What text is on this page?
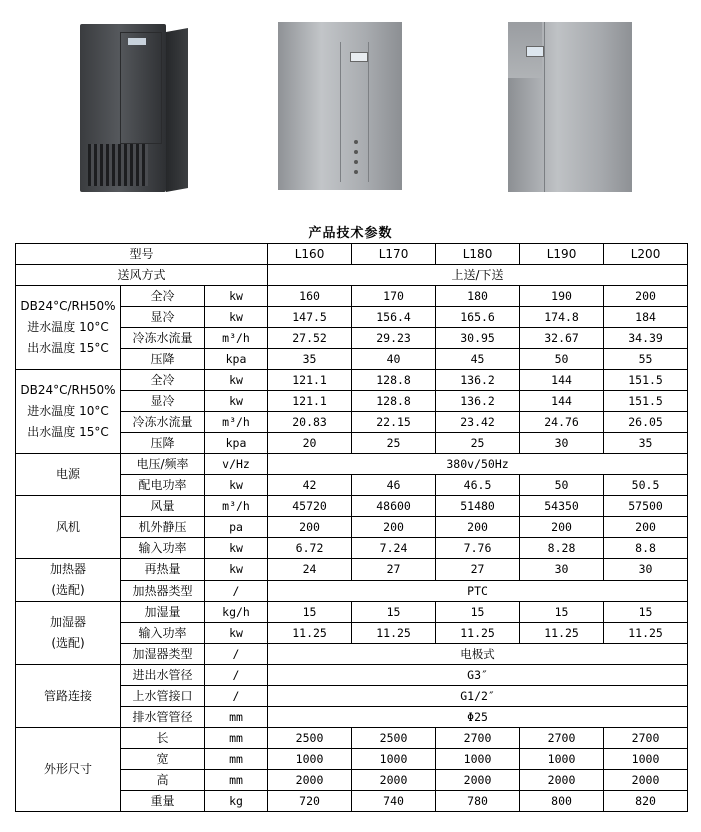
产品技术参数
型号			L160	L170	L180	L190	L200
送风方式			上送/下送				
DB24°C/RH50%
进水温度 10°C
出水温度 15°C	全冷	kw	160	170	180	190	200
	显冷	kw	147.5	156.4	165.6	174.8	184
	冷冻水流量	m³/h	27.52	29.23	30.95	32.67	34.39
	压降	kpa	35	40	45	50	55
DB24°C/RH50%
进水温度 10°C
出水温度 15°C	全冷	kw	121.1	128.8	136.2	144	151.5
	显冷	kw	121.1	128.8	136.2	144	151.5
	冷冻水流量	m³/h	20.83	22.15	23.42	24.76	26.05
	压降	kpa	20	25	25	30	35
电源	电压/频率	v/Hz	380v/50Hz				
	配电功率	kw	42	46	46.5	50	50.5
风机	风量	m³/h	45720	48600	51480	54350	57500
	机外静压	pa	200	200	200	200	200
	输入功率	kw	6.72	7.24	7.76	8.28	8.8
加热器
(选配)	再热量	kw	24	27	27	30	30
	加热器类型	/	PTC				
加湿器
(选配)	加湿量	kg/h	15	15	15	15	15
	输入功率	kw	11.25	11.25	11.25	11.25	11.25
	加湿器类型	/	电极式				
管路连接	进出水管径	/	G3″				
	上水管接口	/	G1/2″				
	排水管管径	mm	Φ25				
外形尺寸	长	mm	2500	2500	2700	2700	2700
	宽	mm	1000	1000	1000	1000	1000
	高	mm	2000	2000	2000	2000	2000
	重量	kg	720	740	780	800	820
